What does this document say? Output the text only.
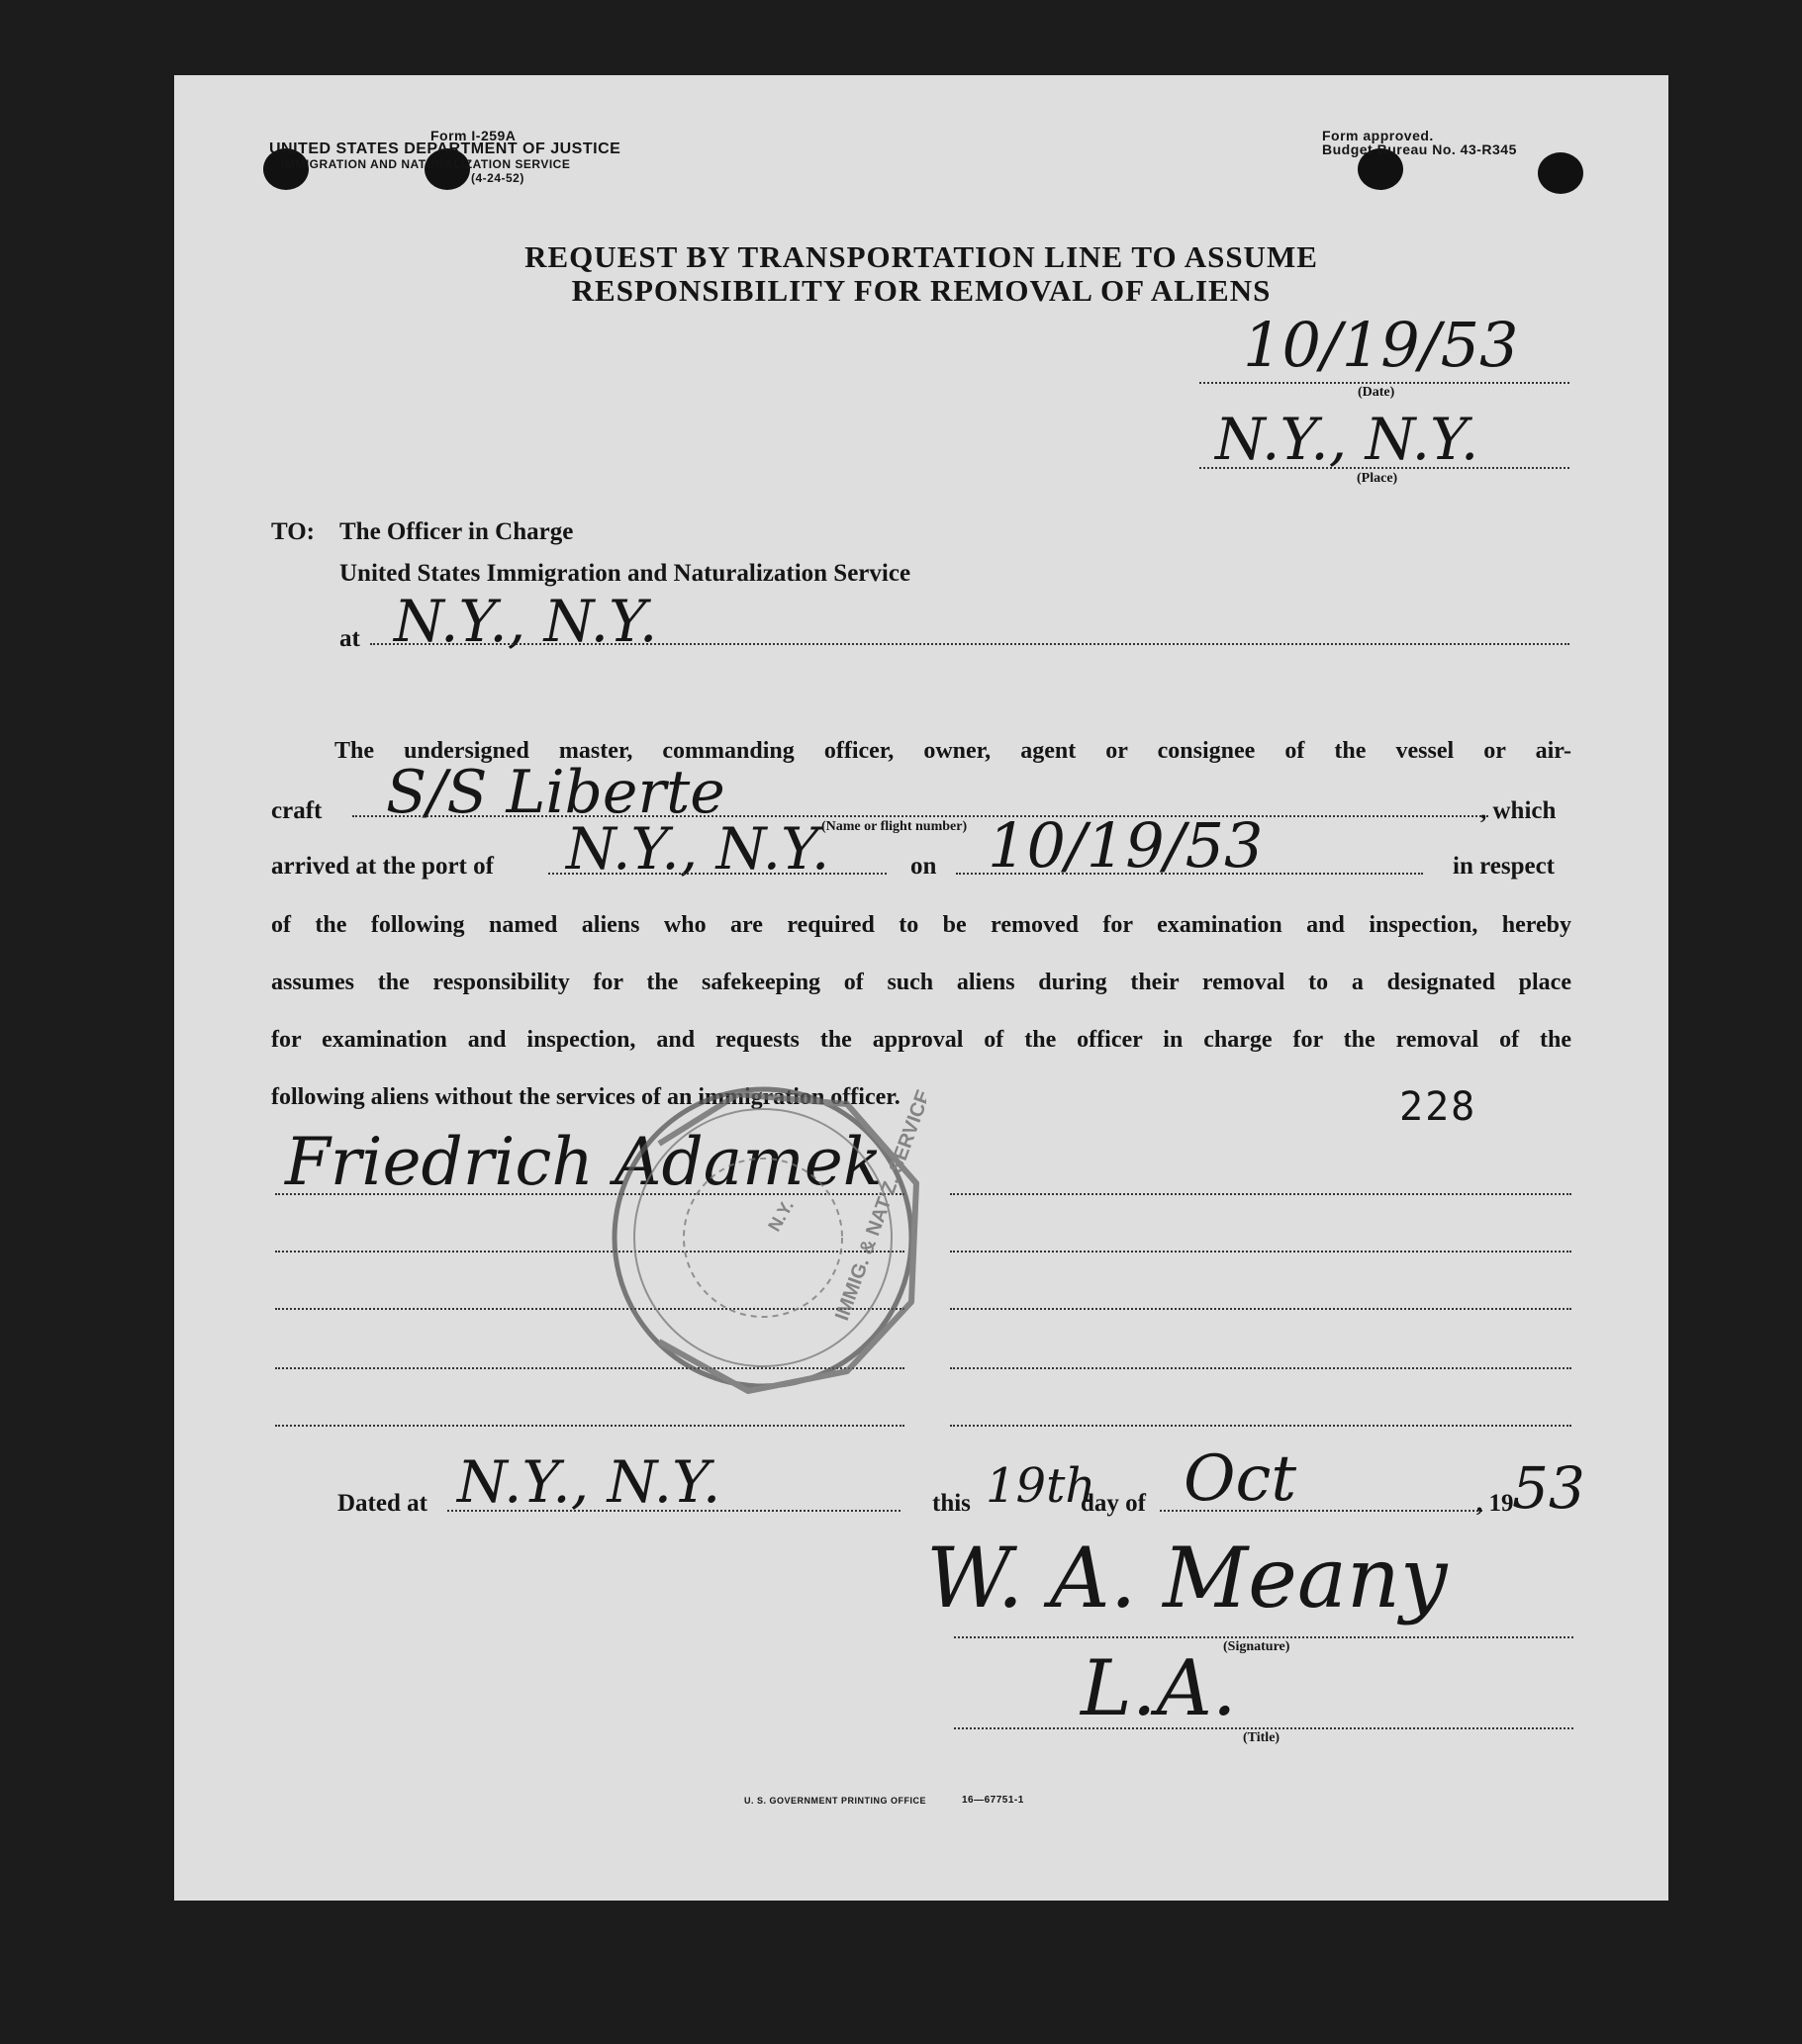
Form I-259A
UNITED STATES DEPARTMENT OF JUSTICE
IMMIGRATION AND NATURALIZATION SERVICE
(4-24-52)
Form approved.
Budget Bureau No. 43-R345
REQUEST BY TRANSPORTATION LINE TO ASSUME
RESPONSIBILITY FOR REMOVAL OF ALIENS
10/19/53
(Date)
N.Y., N.Y.
(Place)
TO: The Officer in Charge
United States Immigration and Naturalization Service
at N.Y., N.Y.
The undersigned master, commanding officer, owner, agent or consignee of the vessel or air-
craft S/S Liberte	, which
(Name or flight number)
arrived at the port of N.Y., N.Y.	on 10/19/53	in respect
of the following named aliens who are required to be removed for examination and inspection, hereby
assumes the responsibility for the safekeeping of such aliens during their removal to a designated place
for examination and inspection, and requests the approval of the officer in charge for the removal of the
following aliens without the services of an immigration officer.	228
Friedrich Adamek
N.Y. IMMIG. & NAT'Z. SERVICE
Dated at N.Y., N.Y.	this 19th
day of Oct	, 19
53
W. A. Meany
(Signature)
L.A.
(Title)
U. S. GOVERNMENT PRINTING OFFICE	16—67751-1
